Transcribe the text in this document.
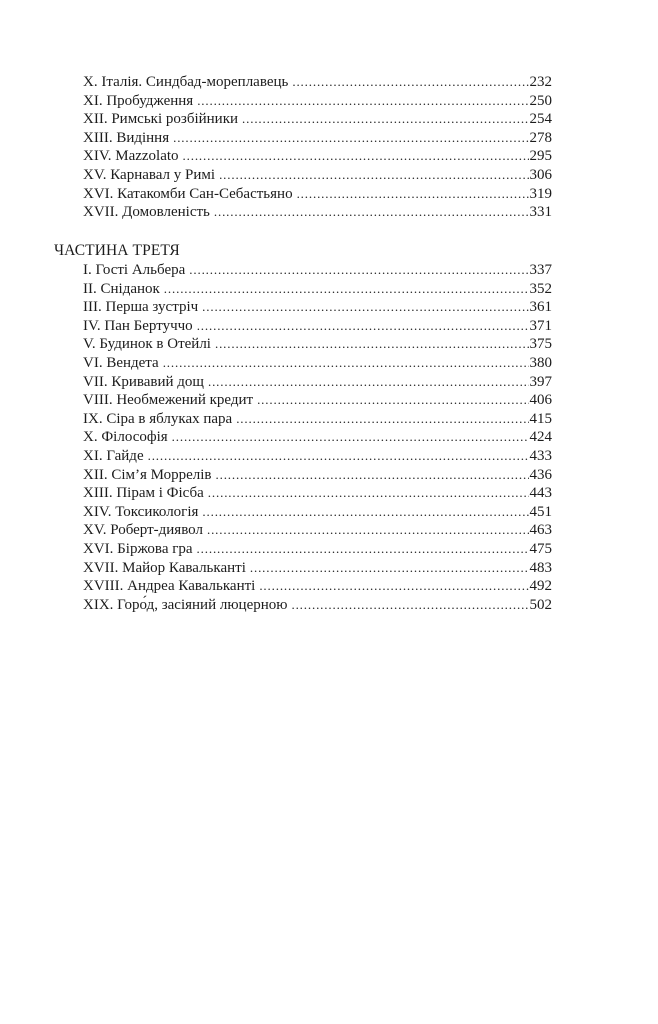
X. Італія. Синдбад-мореплавець . . .	232
XI. Пробудження . . .	250
XII. Римські розбійники . . .	254
XIII. Видіння . . .	278
XIV. Mazzolato . . .	295
XV. Карнавал у Римі . . .	306
XVI. Катакомби Сан-Себастьяно . . .	319
XVII. Домовленість . . .	331
ЧАСТИНА ТРЕТЯ
I. Гості Альбера . . .	337
II. Сніданок . . .	352
III. Перша зустріч . . .	361
IV. Пан Бертуччо . . .	371
V. Будинок в Отейлі . . .	375
VI. Вендета . . .	380
VII. Кривавий дощ . . .	397
VIII. Необмежений кредит . . .	406
IX. Сіра в яблуках пара . . .	415
X. Філософія . . .	424
XI. Гайде . . .	433
XII. Сім’я Моррелів . . .	436
XIII. Пірам і Фісба . . .	443
XIV. Токсикологія . . .	451
XV. Роберт-диявол . . .	463
XVI. Біржова гра . . .	475
XVII. Майор Кавальканті . . .	483
XVIII. Андреа Кавальканті . . .	492
XIX. Горо́д, засіяний люцерною . . .	502
